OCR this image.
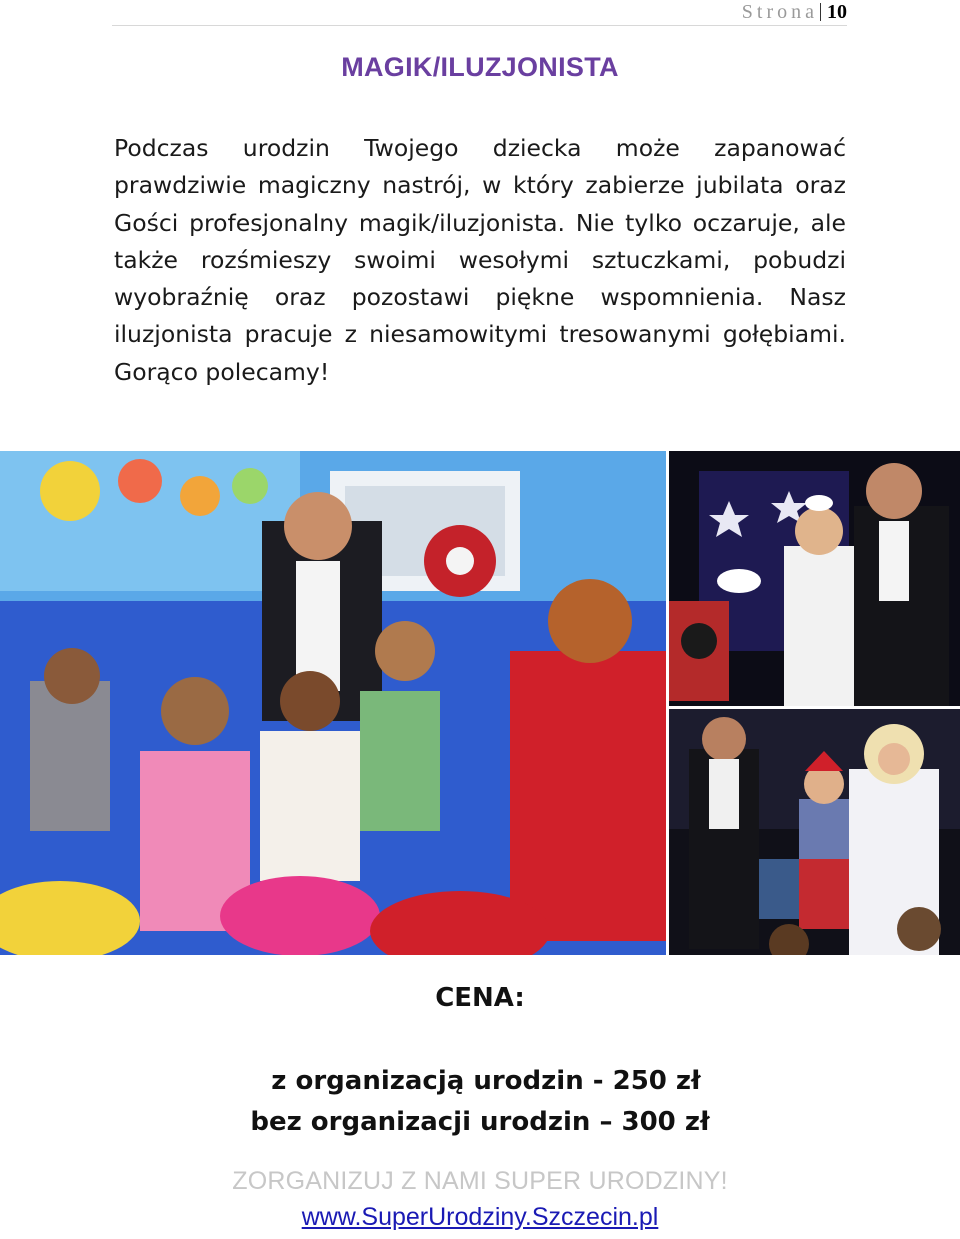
Strona 10
MAGIK/ILUZJONISTA

Podczas urodzin Twojego dziecka może zapanować prawdziwie magiczny nastrój, w który zabierze jubilata oraz Gości profesjonalny magik/iluzjonista. Nie tylko oczaruje, ale także rozśmieszy swoimi wesołymi sztuczkami, pobudzi wyobraźnię oraz pozostawi piękne wspomnienia. Nasz iluzjonista pracuje z niesamowitymi tresowanymi gołębiami. Gorąco polecamy!

CENA:
z organizacją urodzin - 250 zł
bez organizacji urodzin – 300 zł
ZORGANIZUJ Z NAMI SUPER URODZINY!
www.SuperUrodziny.Szczecin.pl
